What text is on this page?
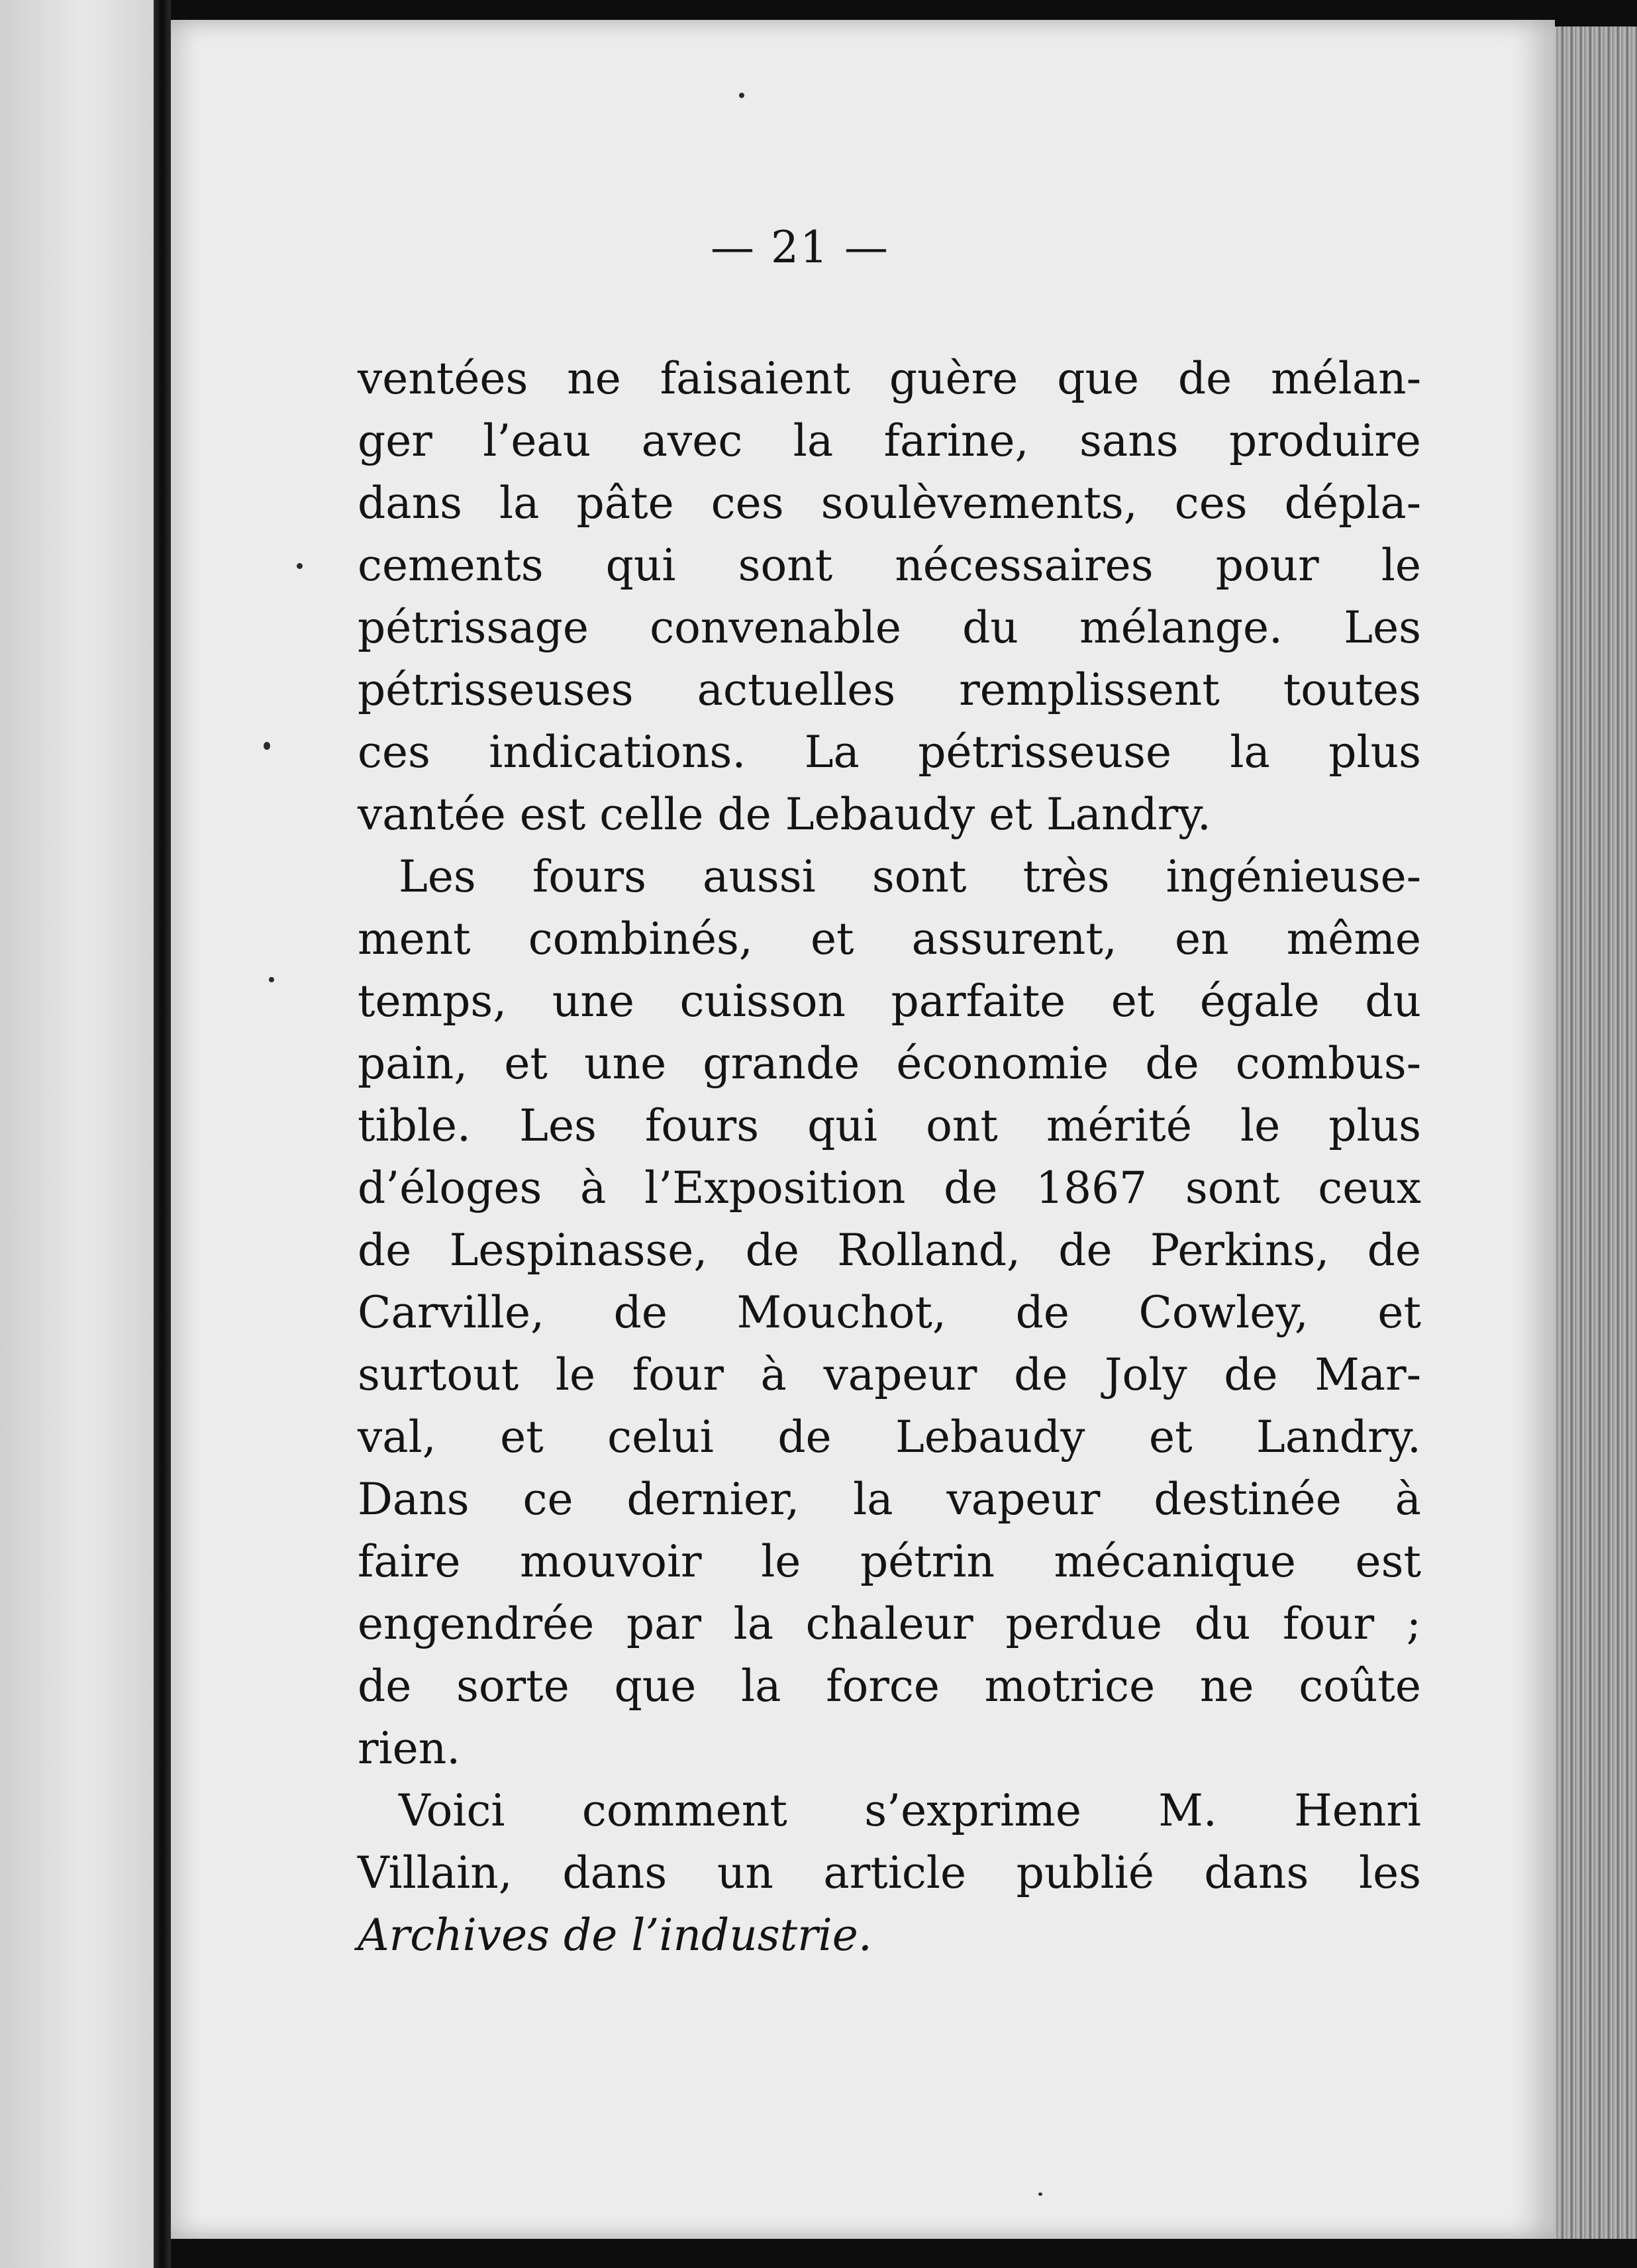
— 21 —
ventées ne faisaient guère que de mélan-
ger l’eau avec la farine, sans produire
dans la pâte ces soulèvements, ces dépla-
cements qui sont nécessaires pour le
pétrissage convenable du mélange. Les
pétrisseuses actuelles remplissent toutes
ces indications. La pétrisseuse la plus
vantée est celle de Lebaudy et Landry.
Les fours aussi sont très ingénieuse-
ment combinés, et assurent, en même
temps, une cuisson parfaite et égale du
pain, et une grande économie de combus-
tible. Les fours qui ont mérité le plus
d’éloges à l’Exposition de 1867 sont ceux
de Lespinasse, de Rolland, de Perkins, de
Carville, de Mouchot, de Cowley, et
surtout le four à vapeur de Joly de Mar-
val, et celui de Lebaudy et Landry.
Dans ce dernier, la vapeur destinée à
faire mouvoir le pétrin mécanique est
engendrée par la chaleur perdue du four ;
de sorte que la force motrice ne coûte
rien.
Voici comment s’exprime M. Henri
Villain, dans un article publié dans les
Archives de l’industrie.
